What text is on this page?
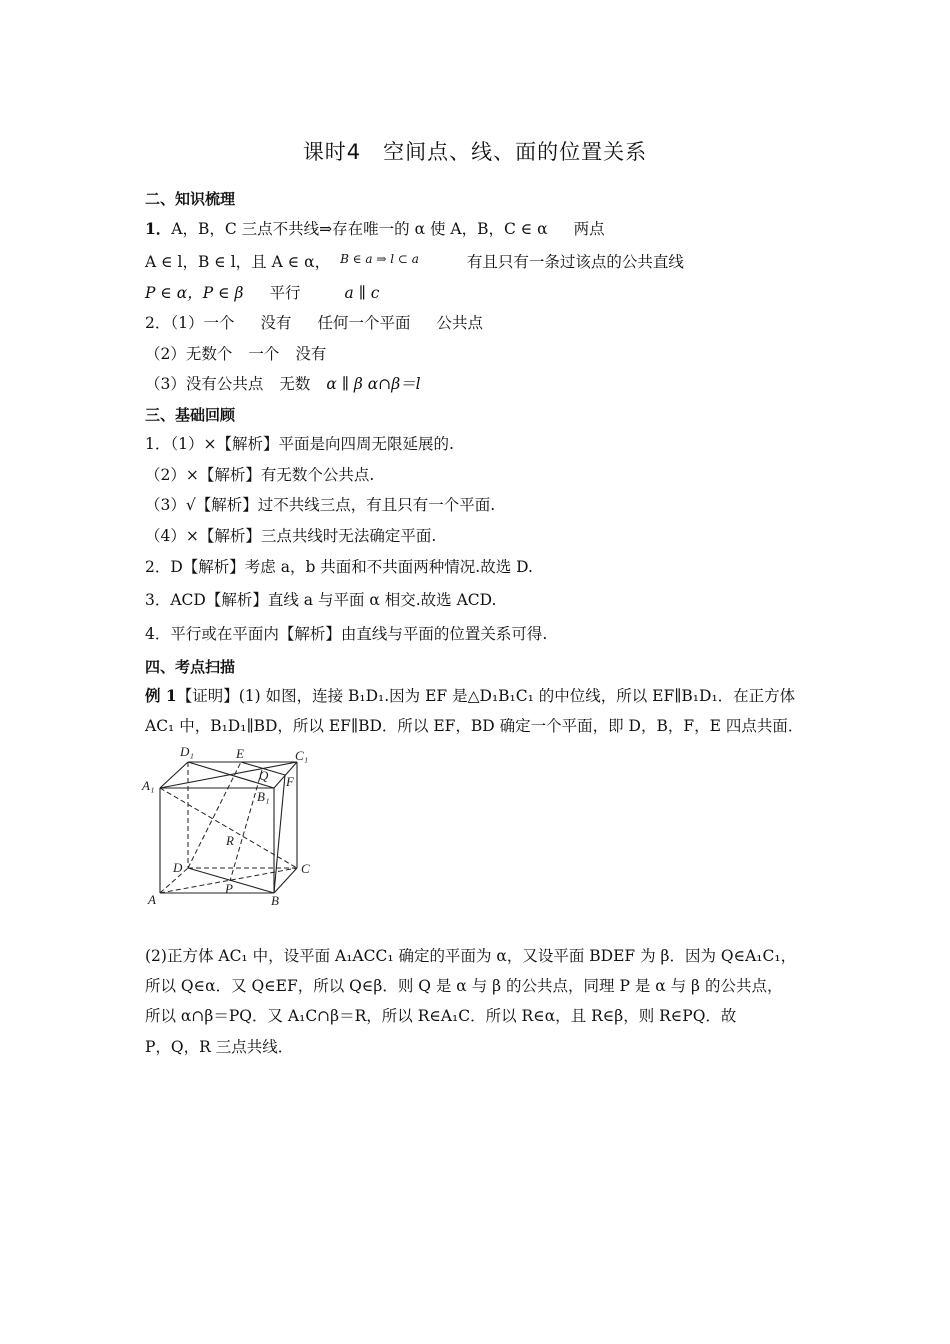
课时4　空间点、线、面的位置关系
二、知识梳理
1．A，B，C 三点不共线⇒存在唯一的 α 使 A，B，C ∈ α 两点
A ∈ l，B ∈ l，且 A ∈ α， $^{B \in a \Rightarrow l \subset a}$	有且只有一条过该点的公共直线
P ∈ α，P ∈ β 平行	a ∥ c
2．（1）一个 没有 任何一个平面 公共点
（2）无数个 一个 没有
（3）没有公共点 无数 α ∥ β α∩β＝l
三、基础回顾
1．（1）×【解析】平面是向四周无限延展的.
（2）×【解析】有无数个公共点.
（3）√【解析】过不共线三点，有且只有一个平面.
（4）×【解析】三点共线时无法确定平面.
2．D【解析】考虑 a，b 共面和不共面两种情况.故选 D.
3．ACD【解析】直线 a 与平面 α 相交.故选 ACD.
4．平行或在平面内【解析】由直线与平面的位置关系可得.
四、考点扫描
例 1【证明】(1) 如图，连接 B₁D₁.因为 EF 是△D₁B₁C₁ 的中位线，所以 EF∥B₁D₁．在正方体
AC₁ 中，B₁D₁∥BD，所以 EF∥BD．所以 EF，BD 确定一个平面，即 D，B，F，E 四点共面．
D₁	E	C₁
A₁
Q
B₁
F
R
D	C
A
P
B
(2)正方体 AC₁ 中，设平面 A₁ACC₁ 确定的平面为 α，又设平面 BDEF 为 β．因为 Q∈A₁C₁，
所以 Q∈α．又 Q∈EF，所以 Q∈β．则 Q 是 α 与 β 的公共点，同理 P 是 α 与 β 的公共点，
所以 α∩β＝PQ．又 A₁C∩β＝R，所以 R∈A₁C．所以 R∈α，且 R∈β，则 R∈PQ．故
P，Q，R 三点共线．
